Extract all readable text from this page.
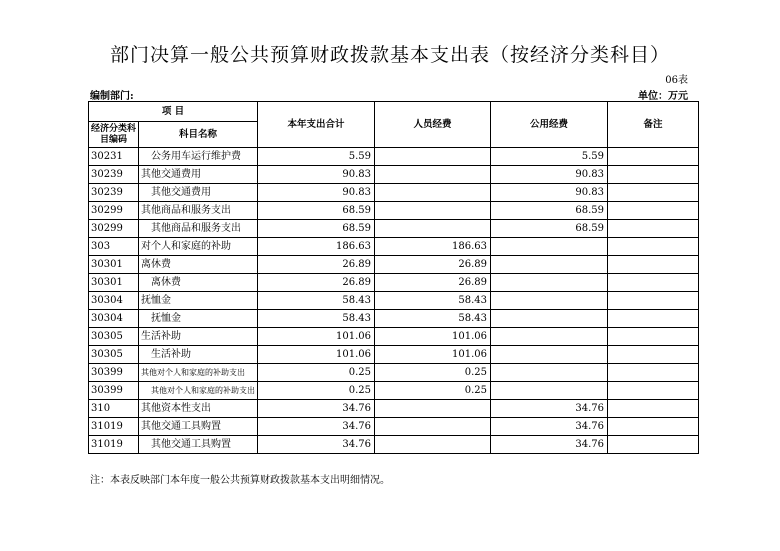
部门决算一般公共预算财政拨款基本支出表（按经济分类科目）
06表
编制部门:	单位：万元
项 目		本年支出合计	人员经费	公用经费	备注
经济分类科目编码	科目名称				
30231	公务用车运行维护费	5.59		5.59	
30239	其他交通费用	90.83		90.83	
30239	其他交通费用	90.83		90.83	
30299	其他商品和服务支出	68.59		68.59	
30299	其他商品和服务支出	68.59		68.59	
303	对个人和家庭的补助	186.63	186.63		
30301	离休费	26.89	26.89		
30301	离休费	26.89	26.89		
30304	抚恤金	58.43	58.43		
30304	抚恤金	58.43	58.43		
30305	生活补助	101.06	101.06		
30305	生活补助	101.06	101.06		
30399	其他对个人和家庭的补助支出	0.25	0.25		
30399	其他对个人和家庭的补助支出	0.25	0.25		
310	其他资本性支出	34.76		34.76	
31019	其他交通工具购置	34.76		34.76	
31019	其他交通工具购置	34.76		34.76	
注：本表反映部门本年度一般公共预算财政拨款基本支出明细情况。
